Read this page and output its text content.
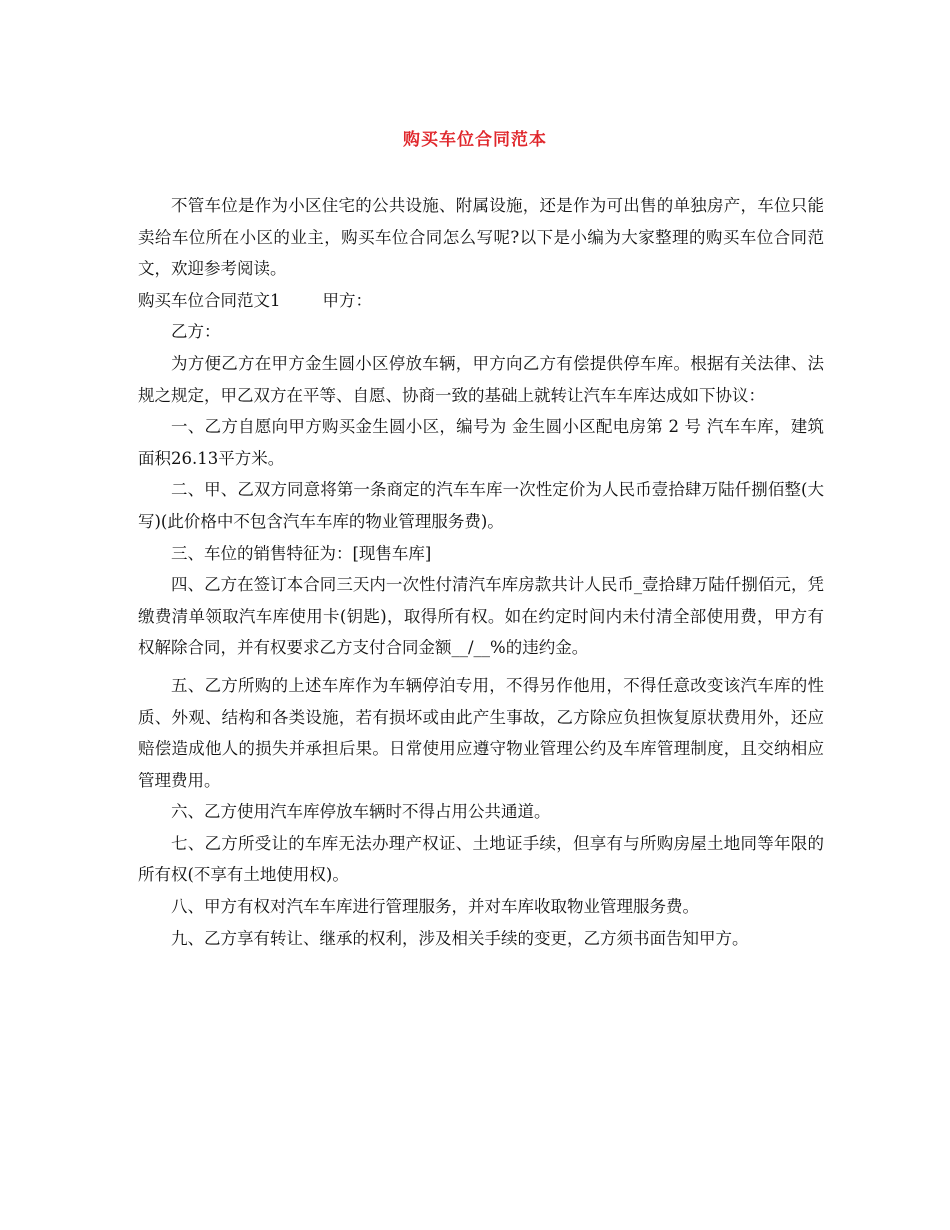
购买车位合同范本

不管车位是作为小区住宅的公共设施、附属设施，还是作为可出售的单独房产，车位只能卖给车位所在小区的业主，购买车位合同怎么写呢?以下是小编为大家整理的购买车位合同范文，欢迎参考阅读。

购买车位合同范文1        甲方：

乙方：

为方便乙方在甲方金生圆小区停放车辆，甲方向乙方有偿提供停车库。根据有关法律、法规之规定，甲乙双方在平等、自愿、协商一致的基础上就转让汽车车库达成如下协议：

一、乙方自愿向甲方购买金生圆小区，编号为 金生圆小区配电房第 2 号 汽车车库，建筑面积26.13平方米。

二、甲、乙双方同意将第一条商定的汽车车库一次性定价为人民币壹拾肆万陆仟捌佰整(大写)(此价格中不包含汽车车库的物业管理服务费)。

三、车位的销售特征为：[现售车库]

四、乙方在签订本合同三天内一次性付清汽车库房款共计人民币_壹拾肆万陆仟捌佰元，凭缴费清单领取汽车库使用卡(钥匙)，取得所有权。如在约定时间内未付清全部使用费，甲方有权解除合同，并有权要求乙方支付合同金额__/__%的违约金。

五、乙方所购的上述车库作为车辆停泊专用，不得另作他用，不得任意改变该汽车库的性质、外观、结构和各类设施，若有损坏或由此产生事故，乙方除应负担恢复原状费用外，还应赔偿造成他人的损失并承担后果。日常使用应遵守物业管理公约及车库管理制度，且交纳相应管理费用。

六、乙方使用汽车库停放车辆时不得占用公共通道。

七、乙方所受让的车库无法办理产权证、土地证手续，但享有与所购房屋土地同等年限的所有权(不享有土地使用权)。

八、甲方有权对汽车车库进行管理服务，并对车库收取物业管理服务费。

九、乙方享有转让、继承的权利，涉及相关手续的变更，乙方须书面告知甲方。
